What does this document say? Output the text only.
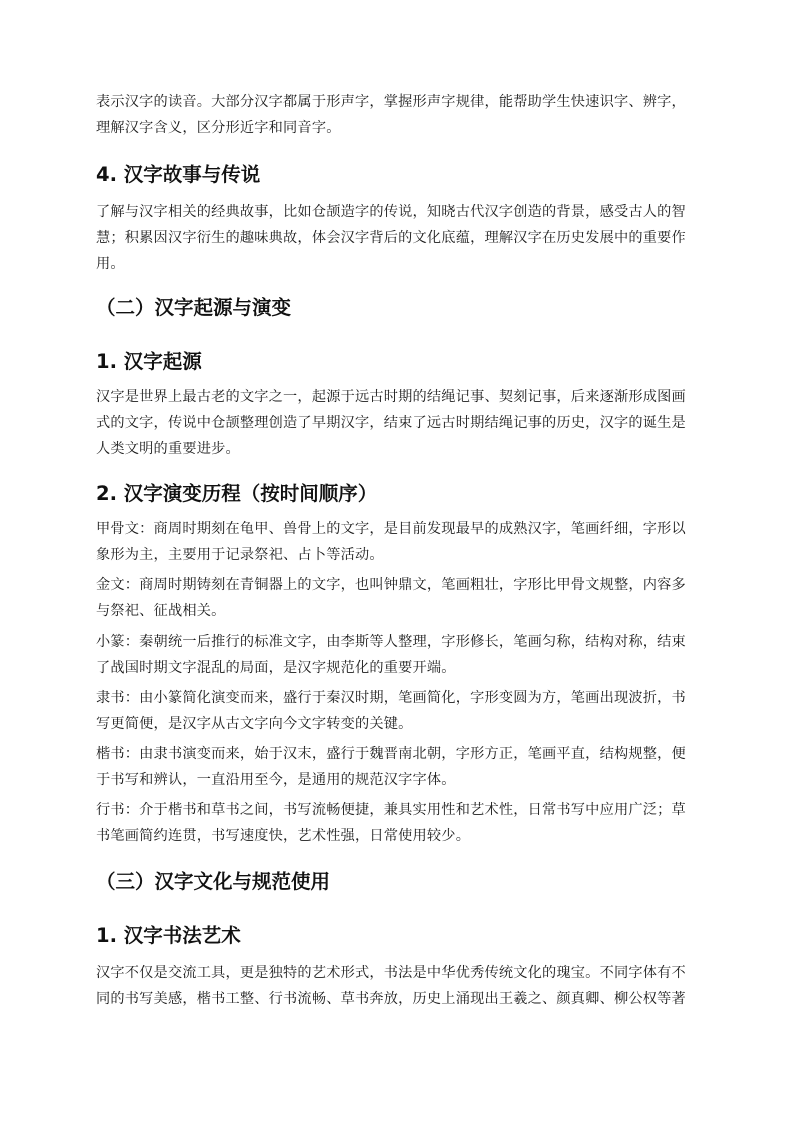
表示汉字的读音。大部分汉字都属于形声字，掌握形声字规律，能帮助学生快速识字、辨字，理解汉字含义，区分形近字和同音字。

4. 汉字故事与传说

了解与汉字相关的经典故事，比如仓颉造字的传说，知晓古代汉字创造的背景，感受古人的智慧；积累因汉字衍生的趣味典故，体会汉字背后的文化底蕴，理解汉字在历史发展中的重要作用。

（二）汉字起源与演变
1. 汉字起源

汉字是世界上最古老的文字之一，起源于远古时期的结绳记事、契刻记事，后来逐渐形成图画式的文字，传说中仓颉整理创造了早期汉字，结束了远古时期结绳记事的历史，汉字的诞生是人类文明的重要进步。

2. 汉字演变历程（按时间顺序）

甲骨文：商周时期刻在龟甲、兽骨上的文字，是目前发现最早的成熟汉字，笔画纤细，字形以象形为主，主要用于记录祭祀、占卜等活动。

金文：商周时期铸刻在青铜器上的文字，也叫钟鼎文，笔画粗壮，字形比甲骨文规整，内容多与祭祀、征战相关。

小篆：秦朝统一后推行的标准文字，由李斯等人整理，字形修长，笔画匀称，结构对称，结束了战国时期文字混乱的局面，是汉字规范化的重要开端。

隶书：由小篆简化演变而来，盛行于秦汉时期，笔画简化，字形变圆为方，笔画出现波折，书写更简便，是汉字从古文字向今文字转变的关键。

楷书：由隶书演变而来，始于汉末，盛行于魏晋南北朝，字形方正，笔画平直，结构规整，便于书写和辨认，一直沿用至今，是通用的规范汉字字体。

行书：介于楷书和草书之间，书写流畅便捷，兼具实用性和艺术性，日常书写中应用广泛；草书笔画简约连贯，书写速度快，艺术性强，日常使用较少。

（三）汉字文化与规范使用
1. 汉字书法艺术

汉字不仅是交流工具，更是独特的艺术形式，书法是中华优秀传统文化的瑰宝。不同字体有不同的书写美感，楷书工整、行书流畅、草书奔放，历史上涌现出王羲之、颜真卿、柳公权等著
